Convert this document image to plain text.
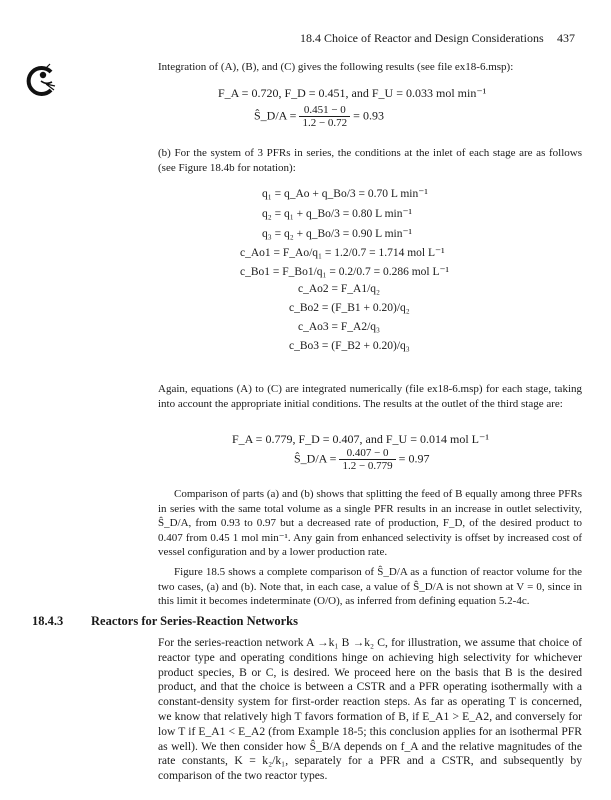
18.4 Choice of Reactor and Design Considerations 437
Integration of (A), (B), and (C) gives the following results (see file ex18-6.msp):
F_A = 0.720, F_D = 0.451, and F_U = 0.033 mol min⁻¹
Ŝ_D/A = $\frac{0.451 - 0}{1.2 - 0.72} = 0.93$
(b) For the system of 3 PFRs in series, the conditions at the inlet of each stage are as follows (see Figure 18.4b for notation):
q₁ = q_Ao + q_Bo/3 = 0.70 L min⁻¹
q₂ = q₁ + q_Bo/3 = 0.80 L min⁻¹
q₃ = q₂ + q_Bo/3 = 0.90 L min⁻¹
c_Ao1 = F_Ao/q₁ = 1.2/0.7 = 1.714 mol L⁻¹
c_Bo1 = F_Bo1/q₁ = 0.2/0.7 = 0.286 mol L⁻¹
c_Ao2 = F_A1/q₂
c_Bo2 = (F_B1 + 0.20)/q₂
c_Ao3 = F_A2/q₃
c_Bo3 = (F_B2 + 0.20)/q₃
Again, equations (A) to (C) are integrated numerically (file ex18-6.msp) for each stage, taking into account the appropriate initial conditions. The results at the outlet of the third stage are:
F_A = 0.779, F_D = 0.407, and F_U = 0.014 mol L⁻¹
Ŝ_D/A = $\frac{0.407 - 0}{1.2 - 0.779} = 0.97$
Comparison of parts (a) and (b) shows that splitting the feed of B equally among three PFRs in series with the same total volume as a single PFR results in an increase in outlet selectivity, Ŝ_D/A, from 0.93 to 0.97 but a decreased rate of production, F_D, of the desired product to 0.407 from 0.45 1 mol min⁻¹. Any gain from enhanced selectivity is offset by increased cost of vessel configuration and by a lower production rate.
Figure 18.5 shows a complete comparison of Ŝ_D/A as a function of reactor volume for the two cases, (a) and (b). Note that, in each case, a value of Ŝ_D/A is not shown at V = 0, since in this limit it becomes indeterminate (O/O), as inferred from defining equation 5.2-4c.
18.4.3 Reactors for Series-Reaction Networks
For the series-reaction network A →k₁ B →k₂ C, for illustration, we assume that choice of reactor type and operating conditions hinge on achieving high selectivity for whichever product species, B or C, is desired. We proceed here on the basis that B is the desired product, and that the choice is between a CSTR and a PFR operating isothermally with a constant-density system for first-order reaction steps. As far as operating T is concerned, we know that relatively high T favors formation of B, if E_A1 > E_A2, and conversely for low T if E_A1 < E_A2 (from Example 18-5; this conclusion applies for an isothermal PFR as well). We then consider how Ŝ_B/A depends on f_A and the relative magnitudes of the rate constants, K = k₂/k₁, separately for a PFR and a CSTR, and subsequently by comparison of the two reactor types.
